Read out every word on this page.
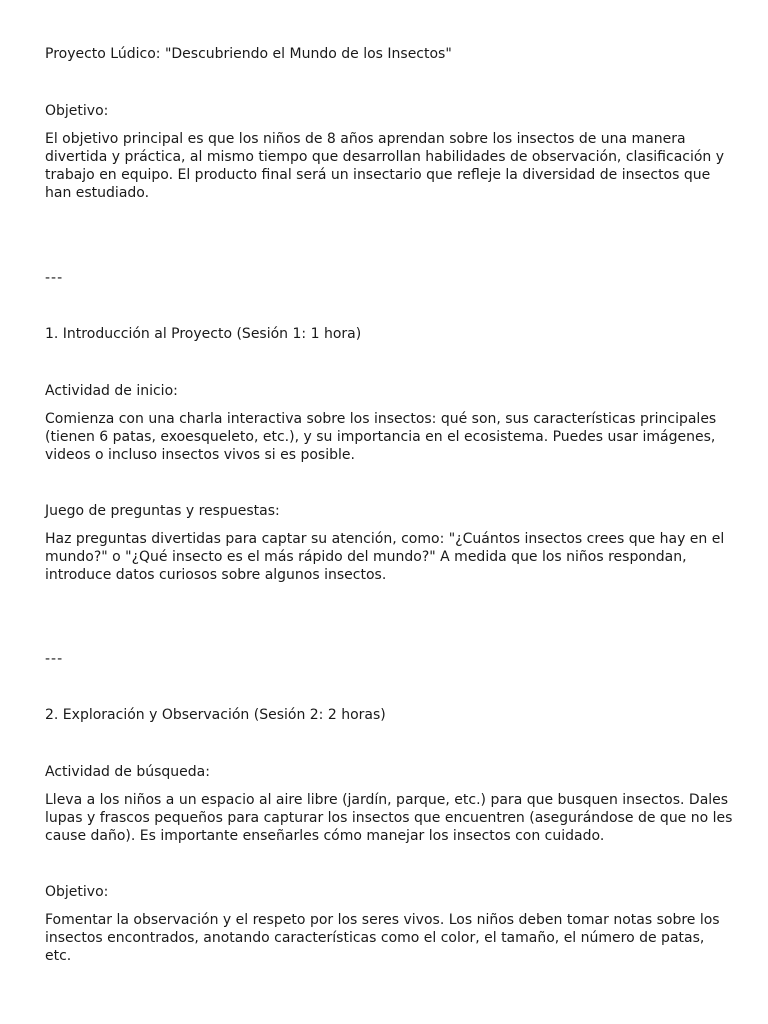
Proyecto Lúdico: "Descubriendo el Mundo de los Insectos"

Objetivo:

El objetivo principal es que los niños de 8 años aprendan sobre los insectos de una manera divertida y práctica, al mismo tiempo que desarrollan habilidades de observación, clasificación y trabajo en equipo. El producto final será un insectario que refleje la diversidad de insectos que han estudiado.

---

1. Introducción al Proyecto (Sesión 1: 1 hora)

Actividad de inicio:

Comienza con una charla interactiva sobre los insectos: qué son, sus características principales (tienen 6 patas, exoesqueleto, etc.), y su importancia en el ecosistema. Puedes usar imágenes, videos o incluso insectos vivos si es posible.

Juego de preguntas y respuestas:

Haz preguntas divertidas para captar su atención, como: "¿Cuántos insectos crees que hay en el mundo?" o "¿Qué insecto es el más rápido del mundo?" A medida que los niños respondan, introduce datos curiosos sobre algunos insectos.

---

2. Exploración y Observación (Sesión 2: 2 horas)

Actividad de búsqueda:

Lleva a los niños a un espacio al aire libre (jardín, parque, etc.) para que busquen insectos. Dales lupas y frascos pequeños para capturar los insectos que encuentren (asegurándose de que no les cause daño). Es importante enseñarles cómo manejar los insectos con cuidado.

Objetivo:

Fomentar la observación y el respeto por los seres vivos. Los niños deben tomar notas sobre los insectos encontrados, anotando características como el color, el tamaño, el número de patas, etc.
